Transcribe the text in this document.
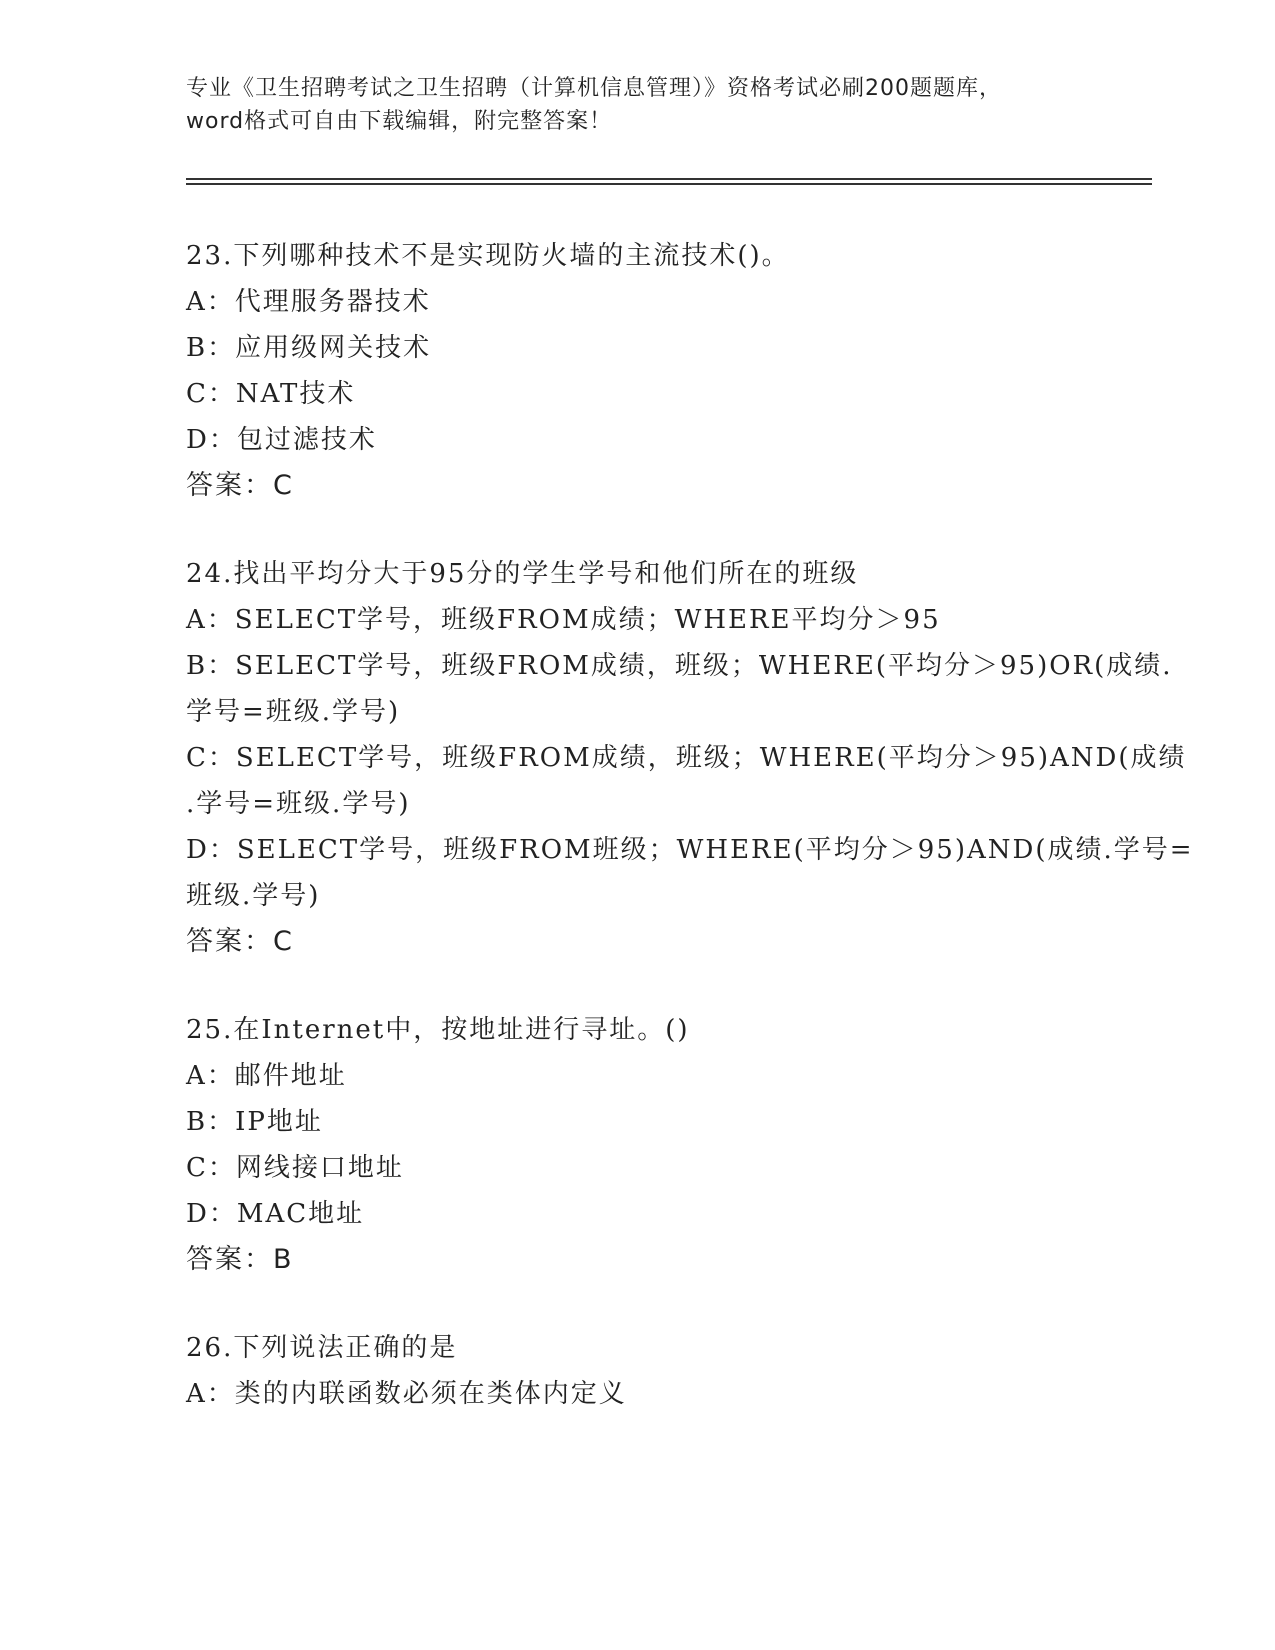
专业《卫生招聘考试之卫生招聘（计算机信息管理）》资格考试必刷200题题库，
word格式可自由下载编辑，附完整答案！
23.下列哪种技术不是实现防火墙的主流技术()。
A：代理服务器技术
B：应用级网关技术
C：NAT技术
D：包过滤技术
答案：C
24.找出平均分大于95分的学生学号和他们所在的班级
A：SELECT学号，班级FROM成绩；WHERE平均分＞95
B：SELECT学号，班级FROM成绩，班级；WHERE(平均分＞95)OR(成绩.
学号=班级.学号)
C：SELECT学号，班级FROM成绩，班级；WHERE(平均分＞95)AND(成绩
.学号=班级.学号)
D：SELECT学号，班级FROM班级；WHERE(平均分＞95)AND(成绩.学号=
班级.学号)
答案：C
25.在Internet中，按地址进行寻址。()
A：邮件地址
B：IP地址
C：网线接口地址
D：MAC地址
答案：B
26.下列说法正确的是
A：类的内联函数必须在类体内定义
